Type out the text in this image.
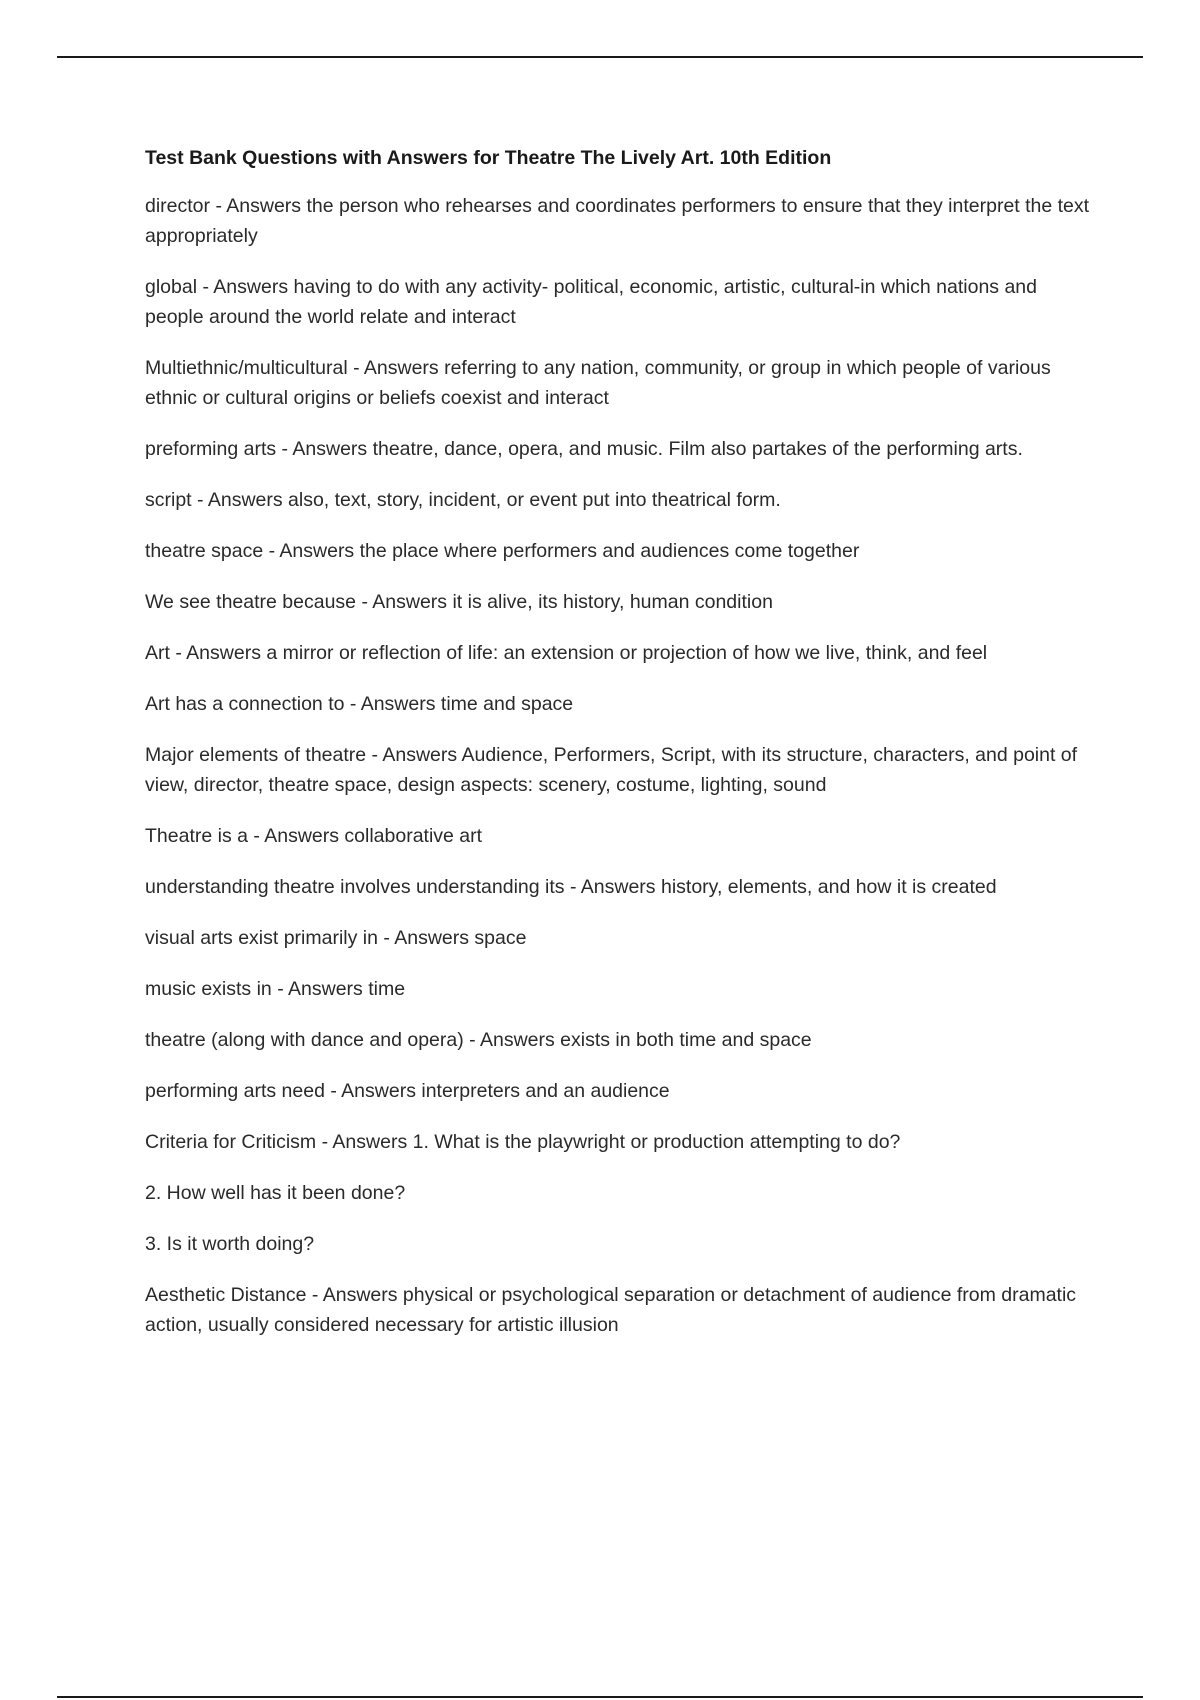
Test Bank Questions with Answers for Theatre The Lively Art. 10th Edition

director - Answers the person who rehearses and coordinates performers to ensure that they interpret the text appropriately

global - Answers having to do with any activity- political, economic, artistic, cultural-in which nations and people around the world relate and interact

Multiethnic/multicultural - Answers referring to any nation, community, or group in which people of various ethnic or cultural origins or beliefs coexist and interact

preforming arts - Answers theatre, dance, opera, and music. Film also partakes of the performing arts.

script - Answers also, text, story, incident, or event put into theatrical form.

theatre space - Answers the place where performers and audiences come together

We see theatre because - Answers it is alive, its history, human condition

Art - Answers a mirror or reflection of life: an extension or projection of how we live, think, and feel

Art has a connection to - Answers time and space

Major elements of theatre - Answers Audience, Performers, Script, with its structure, characters, and point of view, director, theatre space, design aspects: scenery, costume, lighting, sound

Theatre is a - Answers collaborative art

understanding theatre involves understanding its - Answers history, elements, and how it is created

visual arts exist primarily in - Answers space

music exists in - Answers time

theatre (along with dance and opera) - Answers exists in both time and space

performing arts need - Answers interpreters and an audience

Criteria for Criticism - Answers 1. What is the playwright or production attempting to do?

2. How well has it been done?

3. Is it worth doing?

Aesthetic Distance - Answers physical or psychological separation or detachment of audience from dramatic action, usually considered necessary for artistic illusion
